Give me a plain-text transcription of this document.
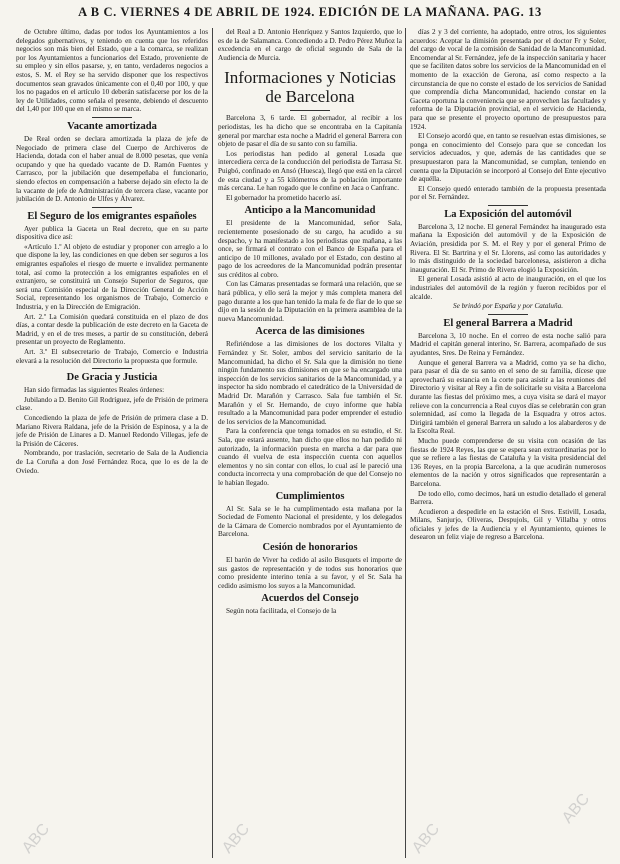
A B C. VIERNES 4 DE ABRIL DE 1924. EDICIÓN DE LA MAÑANA. PAG. 13

de Octubre último, dadas por todos los Ayuntamientos a los delegados gubernativos, y teniendo en cuenta que los referidos negocios son más bien del Estado, que a la comarca, se realizan por los Ayuntamientos a funcionarios del Estado, proveniente de su empleo y sin ellos pasarse, y, en tanto, verdaderos negocios a estos, S. M. el Rey se ha servido disponer que los respectivos documentos sean gravados únicamente con el 0,40 por 100, y que los no pagados en el artículo 10 deberán satisfacerse por los de la ley de Utilidades, como señala el presente, debiendo el descuento del 1,40 por 100 que en el mismo se marca.

Vacante amortizada

De Real orden se declara amortizada la plaza de jefe de Negociado de primera clase del Cuerpo de Archiveros de Hacienda, dotada con el haber anual de 8.000 pesetas, que venía ocupando y que ha quedado vacante de D. Ramón Fuentes y Carrasco, por la jubilación que desempeñaba el funcionario, siendo efectos en compensación a haberse dejado sin efecto la de la vacante de jefe de Administración de tercera clase, vacante por jubilación de D. Antonio de Ulfes y Álvarez.

El Seguro de los emigrantes españoles

Ayer publica la Gaceta un Real decreto, que en su parte dispositiva dice así:

«Artículo 1.º Al objeto de estudiar y proponer con arreglo a lo que dispone la ley, las condiciones en que deben ser seguros a los emigrantes españoles el riesgo de muerte e invalidez permanente total, así como la protección a los emigrantes españoles en el extranjero, se constituirá un Consejo Superior de Seguros, que será una Comisión especial de la Dirección General de Acción Social, representando los organismos de Trabajo, Comercio e Industria, y en la Dirección de Emigración.

Art. 2.º La Comisión quedará constituida en el plazo de dos días, a contar desde la publicación de este decreto en la Gaceta de Madrid, y en el de tres meses, a partir de su constitución, deberá presentar un proyecto de Reglamento.

Art. 3.º El subsecretario de Trabajo, Comercio e Industria elevará a la resolución del Directorio la propuesta que formule.

De Gracia y Justicia

Han sido firmadas las siguientes Reales órdenes:

Jubilando a D. Benito Gil Rodríguez, jefe de Prisión de primera clase.

Concediendo la plaza de jefe de Prisión de primera clase a D. Mariano Rivera Raldana, jefe de la Prisión de Espinosa, y a la de jefe de Prisión de Linares a D. Manuel Redondo Villegas, jefe de la Prisión de Cáceres.

Nombrando, por traslación, secretario de Sala de la Audiencia de La Coruña a don José Fernández Roca, que lo es de la de Oviedo.

del Real a D. Antonio Henríquez y Santos Izquierdo, que lo es de la de Salamanca. Concediendo a D. Pedro Pérez Muñoz la excedencia en el cargo de oficial segundo de Sala de la Audiencia de Murcia.

Informaciones y Noticias de Barcelona

Barcelona 3, 6 tarde. El gobernador, al recibir a los periodistas, les ha dicho que se encontraba en la Capitanía general por marchar esta noche a Madrid el general Barrera con objeto de pasar el día de su santo con su familia.

Los periodistas han pedido al general Losada que intercediera cerca de la conducción del periodista de Tarrasa Sr. Puigbó, confinado en Ansó (Huesca), llegó que está en la cárcel de esta ciudad y a 55 kilómetros de la población importante más cercana. Le han rogado que le confine en Jaca o Canfranc.

El gobernador ha prometido hacerlo así.

Anticipo a la Mancomunidad

El presidente de la Mancomunidad, señor Sala, recientemente posesionado de su cargo, ha acudido a su despacho, y ha manifestado a los periodistas que mañana, a las once, se firmará el contrato con el Banco de España para el anticipo de 10 millones, avalado por el Estado, con destino al pago de los acreedores de la Mancomunidad podrán presentar sus créditos al cobro.

Con las Cámaras presentadas se formará una relación, que se hará pública, y ello será la mejor y más completa manera del pago durante a los que han tenido la mala fe de fiar de lo que se dijo en la sesión de la Diputación en la primera asamblea de la nueva Mancomunidad.

Acerca de las dimisiones

Refiriéndose a las dimisiones de los doctores Vilalta y Fernández y Sr. Soler, ambos del servicio sanitario de la Mancomunidad, ha dicho el Sr. Sala que la dimisión no tiene ningún fundamento sus dimisiones en que se ha encargado una inspección de los servicios sanitarios de la Mancomunidad, y a inspector ha sido nombrado el catedrático de la Universidad de Madrid Dr. Marañón y Carrasco. Sala fue también el Sr. Marañón y el Sr. Hernando, de cuyo informe que había resultado a la Mancomunidad para poder emprender el estudio de los servicios de la Mancomunidad.

Para la conferencia que tenga tomados en su estudio, el Sr. Sala, que estará ausente, han dicho que ellos no han pedido ni autorizado, la información puesta en marcha a dar para que cuando él vuelva de esta inspección cuenta con aquellos elementos y no sin contar con ellos, lo cual así le pareció una conducta incorrecta y una comprobación de que del Consejo no le habían llegado.

Cumplimientos

Al Sr. Sala se le ha cumplimentado esta mañana por la Sociedad de Fomento Nacional el presidente, y los delegados de la Cámara de Comercio nombrados por el Ayuntamiento de Barcelona.

Cesión de honorarios

El barón de Viver ha cedido al asilo Busquets el importe de sus gastos de representación y de todos sus honorarios que como presidente interino tenía a su favor, y el Sr. Sala ha cedido asimismo los suyos a la Mancomunidad.

Acuerdos del Consejo

Según nota facilitada, el Consejo de la

días 2 y 3 del corriente, ha adoptado, entre otros, los siguientes acuerdos: Aceptar la dimisión presentada por el doctor Fr y Soler, del cargo de vocal de la comisión de Sanidad de la Mancomunidad. Encomendar al Sr. Fernández, jefe de la inspección sanitaria y hacer que se faciliten datos sobre los servicios de la Mancomunidad en el momento de la exacción de Gerona, así como respecto a la circunstancia de que no conste el estado de los servicios de Sanidad que comprendía dicha Mancomunidad, haciendo constar en la Gaceta oportuna la conveniencia que se aprovechen las facultades y reforma de la Diputación provincial, en el servicio de Hacienda, para que se presente el proyecto oportuno de presupuestos para 1924.

El Consejo acordó que, en tanto se resuelvan estas dimisiones, se ponga en conocimiento del Consejo para que se concedan los servicios adecuados, y que, además de las cantidades que se presupuestaron para la Mancomunidad, se cumplan, teniendo en cuenta que la Diputación se incorporó al Consejo del Ente ejecutivo de aquélla.

El Consejo quedó enterado también de la propuesta presentada por el Sr. Fernández.

La Exposición del automóvil

Barcelona 3, 12 noche. El general Fernández ha inaugurado esta mañana la Exposición del automóvil y de la Exposición de Aviación, presidida por S. M. el Rey y por el general Primo de Rivera. El Sr. Bartrina y el Sr. Llorens, así como las autoridades y lo más distinguido de la sociedad barcelonesa, asistieron a dicha inauguración. El Sr. Primo de Rivera elogió la Exposición.

El general Losada asistió al acto de inauguración, en el que los industriales del automóvil de la región y fueron recibidos por el alcalde.

Se brindó por España y por Cataluña.

El general Barrera a Madrid

Barcelona 3, 10 noche. En el correo de esta noche salió para Madrid el capitán general interino, Sr. Barrera, acompañado de sus ayudantes, Sres. De Reina y Fernández.

Aunque el general Barrera va a Madrid, como ya se ha dicho, para pasar el día de su santo en el seno de su familia, dícese que aprovechará su estancia en la corte para asistir a las reuniones del Directorio y visitar al Rey a fin de solicitarle su visita a Barcelona durante las fiestas del próximo mes, a cuya visita se dará el mayor relieve con la concurrencia a Real cuyos días se celebrarán con gran solemnidad, así como la llegada de la Esquadra y otros actos. Dirigirá también el general Barrera un saludo a los alabarderos y de la Escolta Real.

Mucho puede comprenderse de su visita con ocasión de las fiestas de 1924 Reyes, las que se espera sean extraordinarias por lo que se refiere a las fiestas de Cataluña y la visita presidencial del 136 Reyes, en la propia Barcelona, a la que acudirán numerosos elementos de la nación y otros significados que representarán a Barcelona.

De todo ello, como decimos, hará un estudio detallado el general Barrera.

Acudieron a despedirle en la estación el Sres. Estivill, Losada, Milans, Sanjurjo, Oliveras, Despujols, Gil y Villalba y otros oficiales y jefes de la Audiencia y el Ayuntamiento, quienes le desearon un feliz viaje de regreso a Barcelona.

ABC	ABC	ABC
ABC
